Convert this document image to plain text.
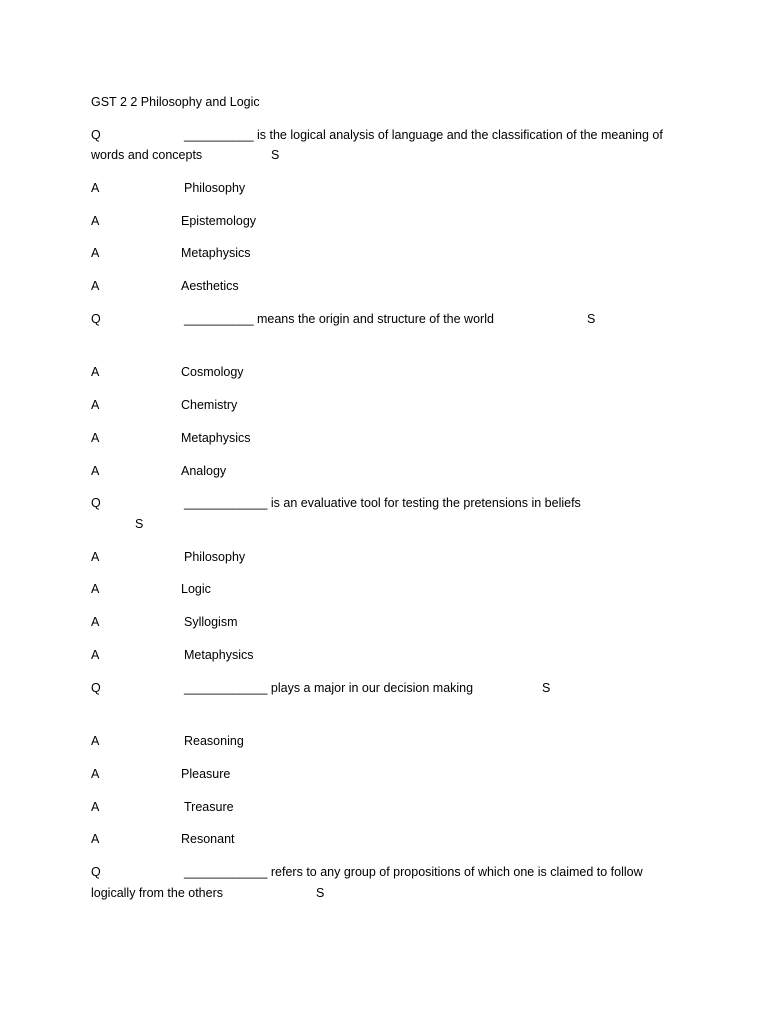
GST 2 2 Philosophy and Logic
Q	__________ is the logical analysis of language and the classification of the meaning of
words and concepts	S
A	Philosophy
A	Epistemology
A	Metaphysics
A	Aesthetics
Q	__________ means the origin and structure of the world	S
A	Cosmology
A	Chemistry
A	Metaphysics
A	Analogy
Q	____________ is an evaluative tool for testing the pretensions in beliefs
S
A	Philosophy
A	Logic
A	Syllogism
A	Metaphysics
Q	____________ plays a major in our decision making	S
A	Reasoning
A	Pleasure
A	Treasure
A	Resonant
Q	____________ refers to any group of propositions of which one is claimed to follow
logically from the others	S
